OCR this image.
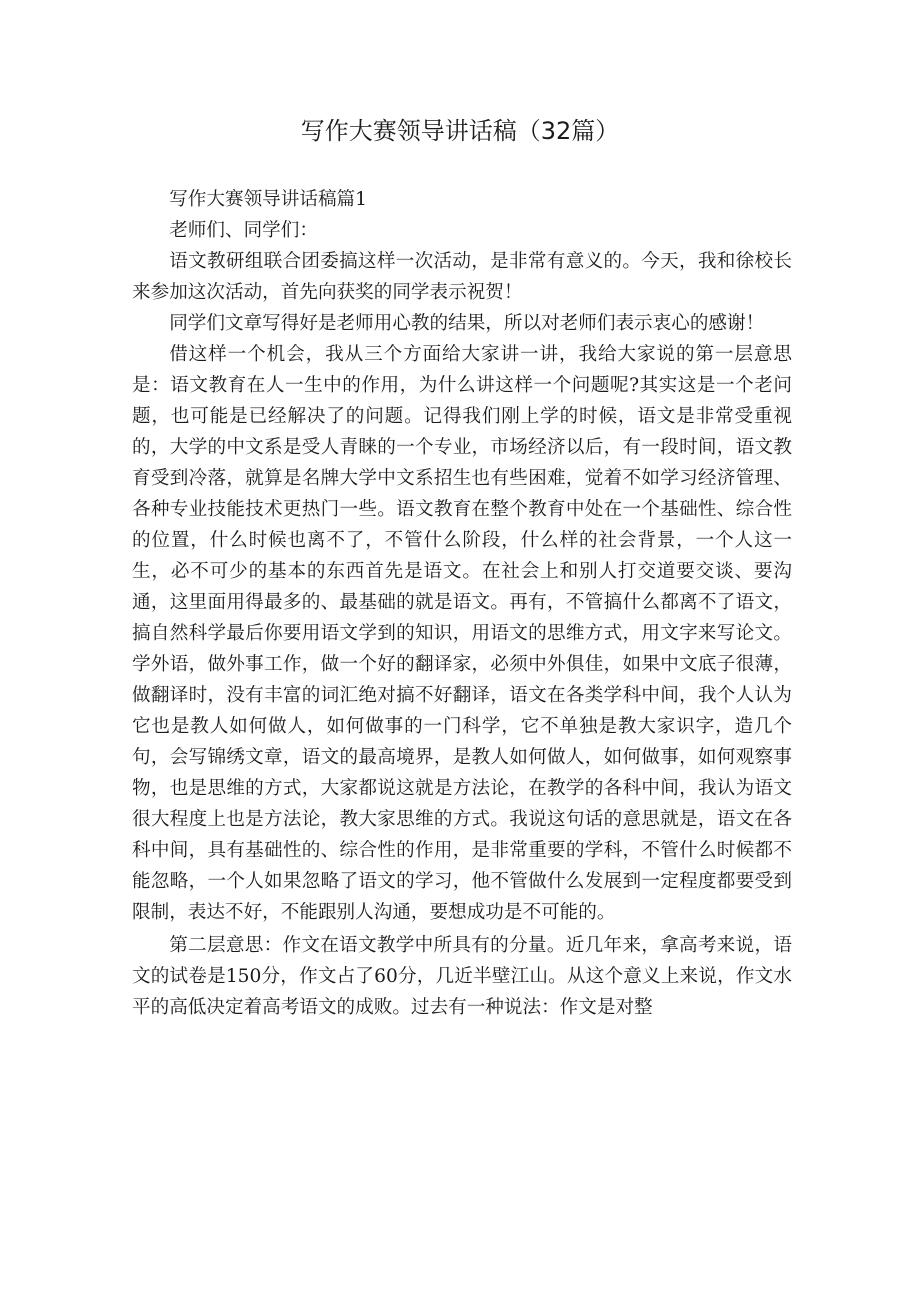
写作大赛领导讲话稿（32篇）

写作大赛领导讲话稿篇1

老师们、同学们：

语文教研组联合团委搞这样一次活动，是非常有意义的。今天，我和徐校长来参加这次活动，首先向获奖的同学表示祝贺！

同学们文章写得好是老师用心教的结果，所以对老师们表示衷心的感谢！

借这样一个机会，我从三个方面给大家讲一讲，我给大家说的第一层意思是：语文教育在人一生中的作用，为什么讲这样一个问题呢?其实这是一个老问题，也可能是已经解决了的问题。记得我们刚上学的时候，语文是非常受重视的，大学的中文系是受人青睐的一个专业，市场经济以后，有一段时间，语文教育受到冷落，就算是名牌大学中文系招生也有些困难，觉着不如学习经济管理、各种专业技能技术更热门一些。语文教育在整个教育中处在一个基础性、综合性的位置，什么时候也离不了，不管什么阶段，什么样的社会背景，一个人这一生，必不可少的基本的东西首先是语文。在社会上和别人打交道要交谈、要沟通，这里面用得最多的、最基础的就是语文。再有，不管搞什么都离不了语文，搞自然科学最后你要用语文学到的知识，用语文的思维方式，用文字来写论文。学外语，做外事工作，做一个好的翻译家，必须中外俱佳，如果中文底子很薄，做翻译时，没有丰富的词汇绝对搞不好翻译，语文在各类学科中间，我个人认为它也是教人如何做人，如何做事的一门科学，它不单独是教大家识字，造几个句，会写锦绣文章，语文的最高境界，是教人如何做人，如何做事，如何观察事物，也是思维的方式，大家都说这就是方法论，在教学的各科中间，我认为语文很大程度上也是方法论，教大家思维的方式。我说这句话的意思就是，语文在各科中间，具有基础性的、综合性的作用，是非常重要的学科，不管什么时候都不能忽略，一个人如果忽略了语文的学习，他不管做什么发展到一定程度都要受到限制，表达不好，不能跟别人沟通，要想成功是不可能的。

第二层意思：作文在语文教学中所具有的分量。近几年来，拿高考来说，语文的试卷是150分，作文占了60分，几近半壁江山。从这个意义上来说，作文水平的高低决定着高考语文的成败。过去有一种说法：作文是对整
